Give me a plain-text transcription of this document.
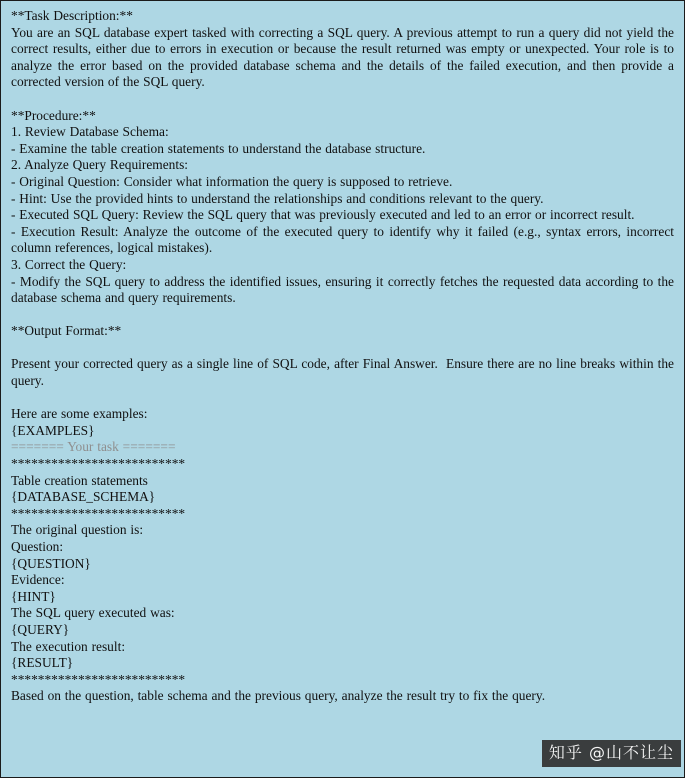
**Task Description:**

You are an SQL database expert tasked with correcting a SQL query. A previous attempt to run a query did not yield the correct results, either due to errors in execution or because the result returned was empty or unexpected. Your role is to analyze the error based on the provided database schema and the details of the failed execution, and then provide a corrected version of the SQL query.

**Procedure:**

1. Review Database Schema:

- Examine the table creation statements to understand the database structure.

2. Analyze Query Requirements:

- Original Question: Consider what information the query is supposed to retrieve.

- Hint: Use the provided hints to understand the relationships and conditions relevant to the query.

- Executed SQL Query: Review the SQL query that was previously executed and led to an error or incorrect result.

- Execution Result: Analyze the outcome of the executed query to identify why it failed (e.g., syntax errors, incorrect column references, logical mistakes).

3. Correct the Query:

- Modify the SQL query to address the identified issues, ensuring it correctly fetches the requested data according to the database schema and query requirements.

**Output Format:**

Present your corrected query as a single line of SQL code, after Final Answer.  Ensure there are no line breaks within the query.

Here are some examples:

{EXAMPLES}

======= Your task =======

**************************

Table creation statements

{DATABASE_SCHEMA}

**************************

The original question is:

Question:

{QUESTION}

Evidence:

{HINT}

The SQL query executed was:

{QUERY}

The execution result:

{RESULT}

**************************

Based on the question, table schema and the previous query, analyze the result try to fix the query.

知乎 @山不让尘
